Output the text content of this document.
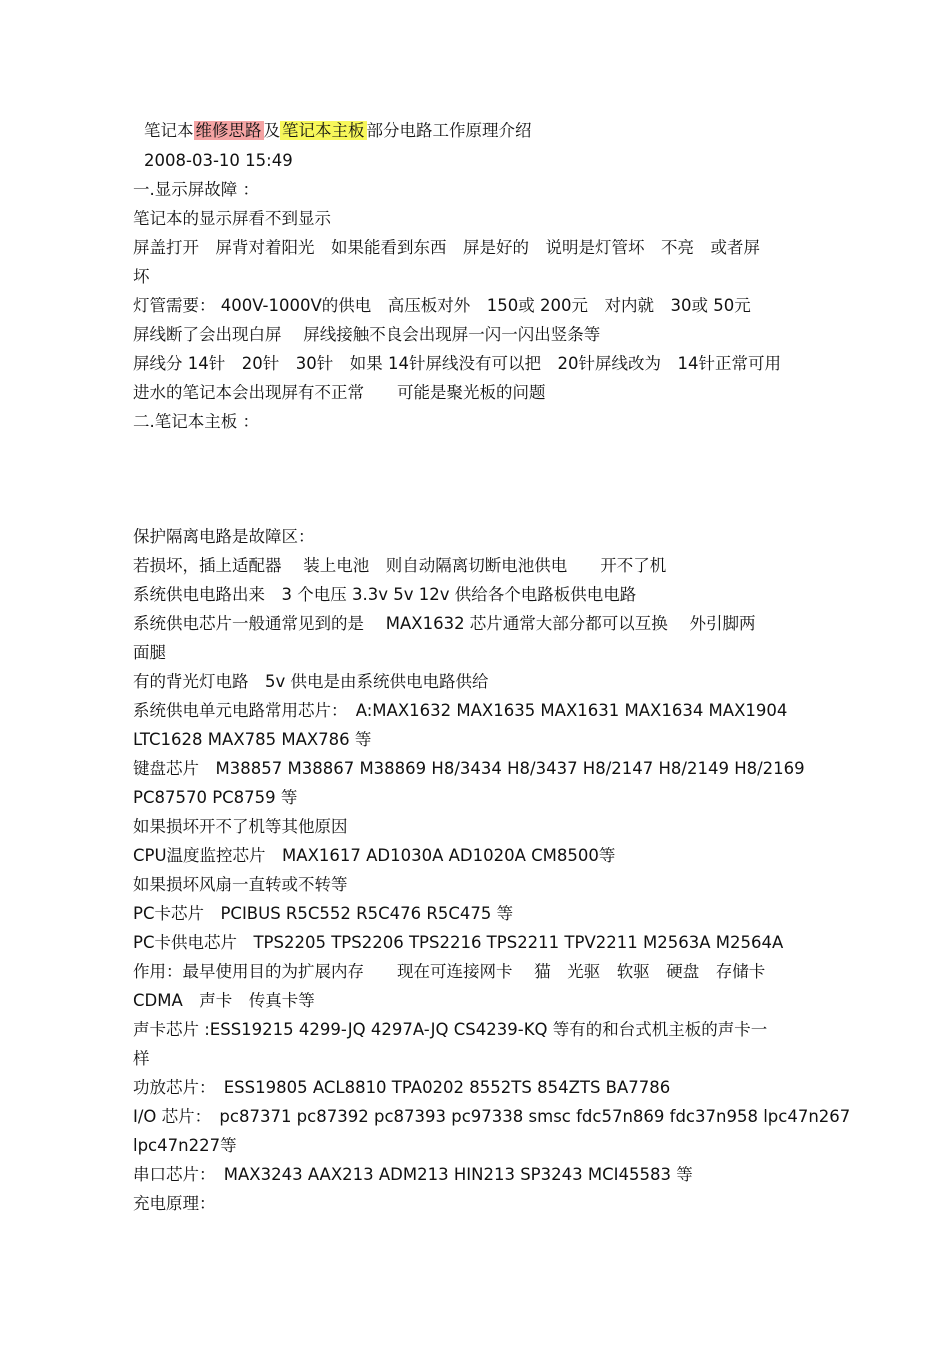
笔记本 维修思路 及 笔记本主板 部分电路工作原理介绍

2008-03-10 15:49

一.显示屏故障 ：

笔记本的显示屏看不到显示

屏盖打开　屏背对着阳光　如果能看到东西　屏是好的　说明是灯管坏　不亮　或者屏

坏

灯管需要： 400V-1000V的供电　高压板对外　150或 200元　对内就　30或 50元

屏线断了会出现白屏　 屏线接触不良会出现屏一闪一闪出竖条等

屏线分 14针　20针　30针　如果 14针屏线没有可以把　20针屏线改为　14针正常可用

进水的笔记本会出现屏有不正常　　可能是聚光板的问题

二.笔记本主板 ：

保护隔离电路是故障区：

若损坏，插上适配器　 装上电池　则自动隔离切断电池供电　　开不了机

系统供电电路出来　3 个电压 3.3v 5v 12v 供给各个电路板供电电路

系统供电芯片一般通常见到的是　 MAX1632 芯片通常大部分都可以互换　 外引脚两

面腿

有的背光灯电路　5v 供电是由系统供电电路供给

系统供电单元电路常用芯片：　A:MAX1632 MAX1635 MAX1631 MAX1634 MAX1904

LTC1628 MAX785 MAX786 等

键盘芯片　M38857 M38867 M38869 H8/3434 H8/3437 H8/2147 H8/2149 H8/2169

PC87570 PC8759 等

如果损坏开不了机等其他原因

CPU温度监控芯片　MAX1617 AD1030A AD1020A CM8500等

如果损坏风扇一直转或不转等

PC卡芯片　PCIBUS R5C552 R5C476 R5C475 等

PC卡供电芯片　TPS2205 TPS2206 TPS2216 TPS2211 TPV2211 M2563A M2564A

作用：最早使用目的为扩展内存　　现在可连接网卡　 猫　光驱　软驱　硬盘　存储卡

CDMA　声卡　传真卡等

声卡芯片 :ESS19215 4299-JQ 4297A-JQ CS4239-KQ 等有的和台式机主板的声卡一

样

功放芯片：　ESS19805 ACL8810 TPA0202 8552TS 854ZTS BA7786

I/O 芯片：　pc87371 pc87392 pc87393 pc97338 smsc fdc57n869 fdc37n958 lpc47n267

lpc47n227等

串口芯片：　MAX3243 AAX213 ADM213 HIN213 SP3243 MCI45583 等

充电原理：
